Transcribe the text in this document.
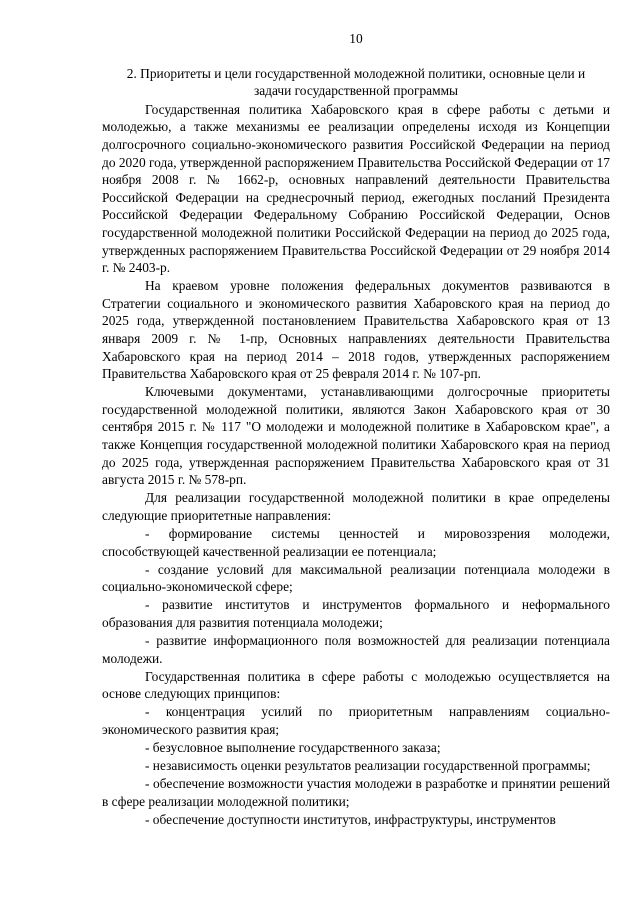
10
2. Приоритеты и цели государственной молодежной политики, основные цели и задачи государственной программы

Государственная политика Хабаровского края в сфере работы с детьми и молодежью, а также механизмы ее реализации определены исходя из Концепции долгосрочного социально-экономического развития Российской Федерации на период до 2020 года, утвержденной распоряжением Правительства Российской Федерации от 17 ноября 2008 г. № 1662-р, основных направлений деятельности Правительства Российской Федерации на среднесрочный период, ежегодных посланий Президента Российской Федерации Федеральному Собранию Российской Федерации, Основ государственной молодежной политики Российской Федерации на период до 2025 года, утвержденных распоряжением Правительства Российской Федерации от 29 ноября 2014 г. № 2403-р.

На краевом уровне положения федеральных документов развиваются в Стратегии социального и экономического развития Хабаровского края на период до 2025 года, утвержденной постановлением Правительства Хабаровского края от 13 января 2009 г. № 1-пр, Основных направлениях деятельности Правительства Хабаровского края на период 2014 – 2018 годов, утвержденных распоряжением Правительства Хабаровского края от 25 февраля 2014 г. № 107-рп.

Ключевыми документами, устанавливающими долгосрочные приоритеты государственной молодежной политики, являются Закон Хабаровского края от 30 сентября 2015 г. № 117 "О молодежи и молодежной политике в Хабаровском крае", а также Концепция государственной молодежной политики Хабаровского края на период до 2025 года, утвержденная распоряжением Правительства Хабаровского края от 31 августа 2015 г. № 578-рп.

Для реализации государственной молодежной политики в крае определены следующие приоритетные направления:

- формирование системы ценностей и мировоззрения молодежи, способствующей качественной реализации ее потенциала;

- создание условий для максимальной реализации потенциала молодежи в социально-экономической сфере;

- развитие институтов и инструментов формального и неформального образования для развития потенциала молодежи;

- развитие информационного поля возможностей для реализации потенциала молодежи.

Государственная политика в сфере работы с молодежью осуществляется на основе следующих принципов:

- концентрация усилий по приоритетным направлениям социально-экономического развития края;

- безусловное выполнение государственного заказа;

- независимость оценки результатов реализации государственной программы;

- обеспечение возможности участия молодежи в разработке и принятии решений в сфере реализации молодежной политики;

- обеспечение доступности институтов, инфраструктуры, инструментов
